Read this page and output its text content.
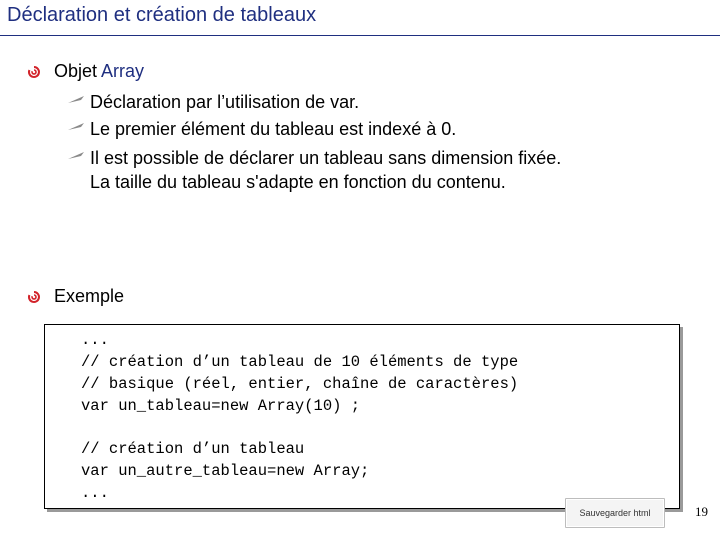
Déclaration et création de tableaux
Objet Array
Déclaration par l’utilisation de var.
Le premier élément du tableau est indexé à 0.
Il est possible de déclarer un tableau sans dimension fixée.
La taille du tableau s'adapte en fonction du contenu.
Exemple
...
// création d’un tableau de 10 éléments de type
// basique (réel, entier, chaîne de caractères)
var un_tableau=new Array(10) ;
// création d’un tableau
var un_autre_tableau=new Array;
...
Sauvegarder html	19
